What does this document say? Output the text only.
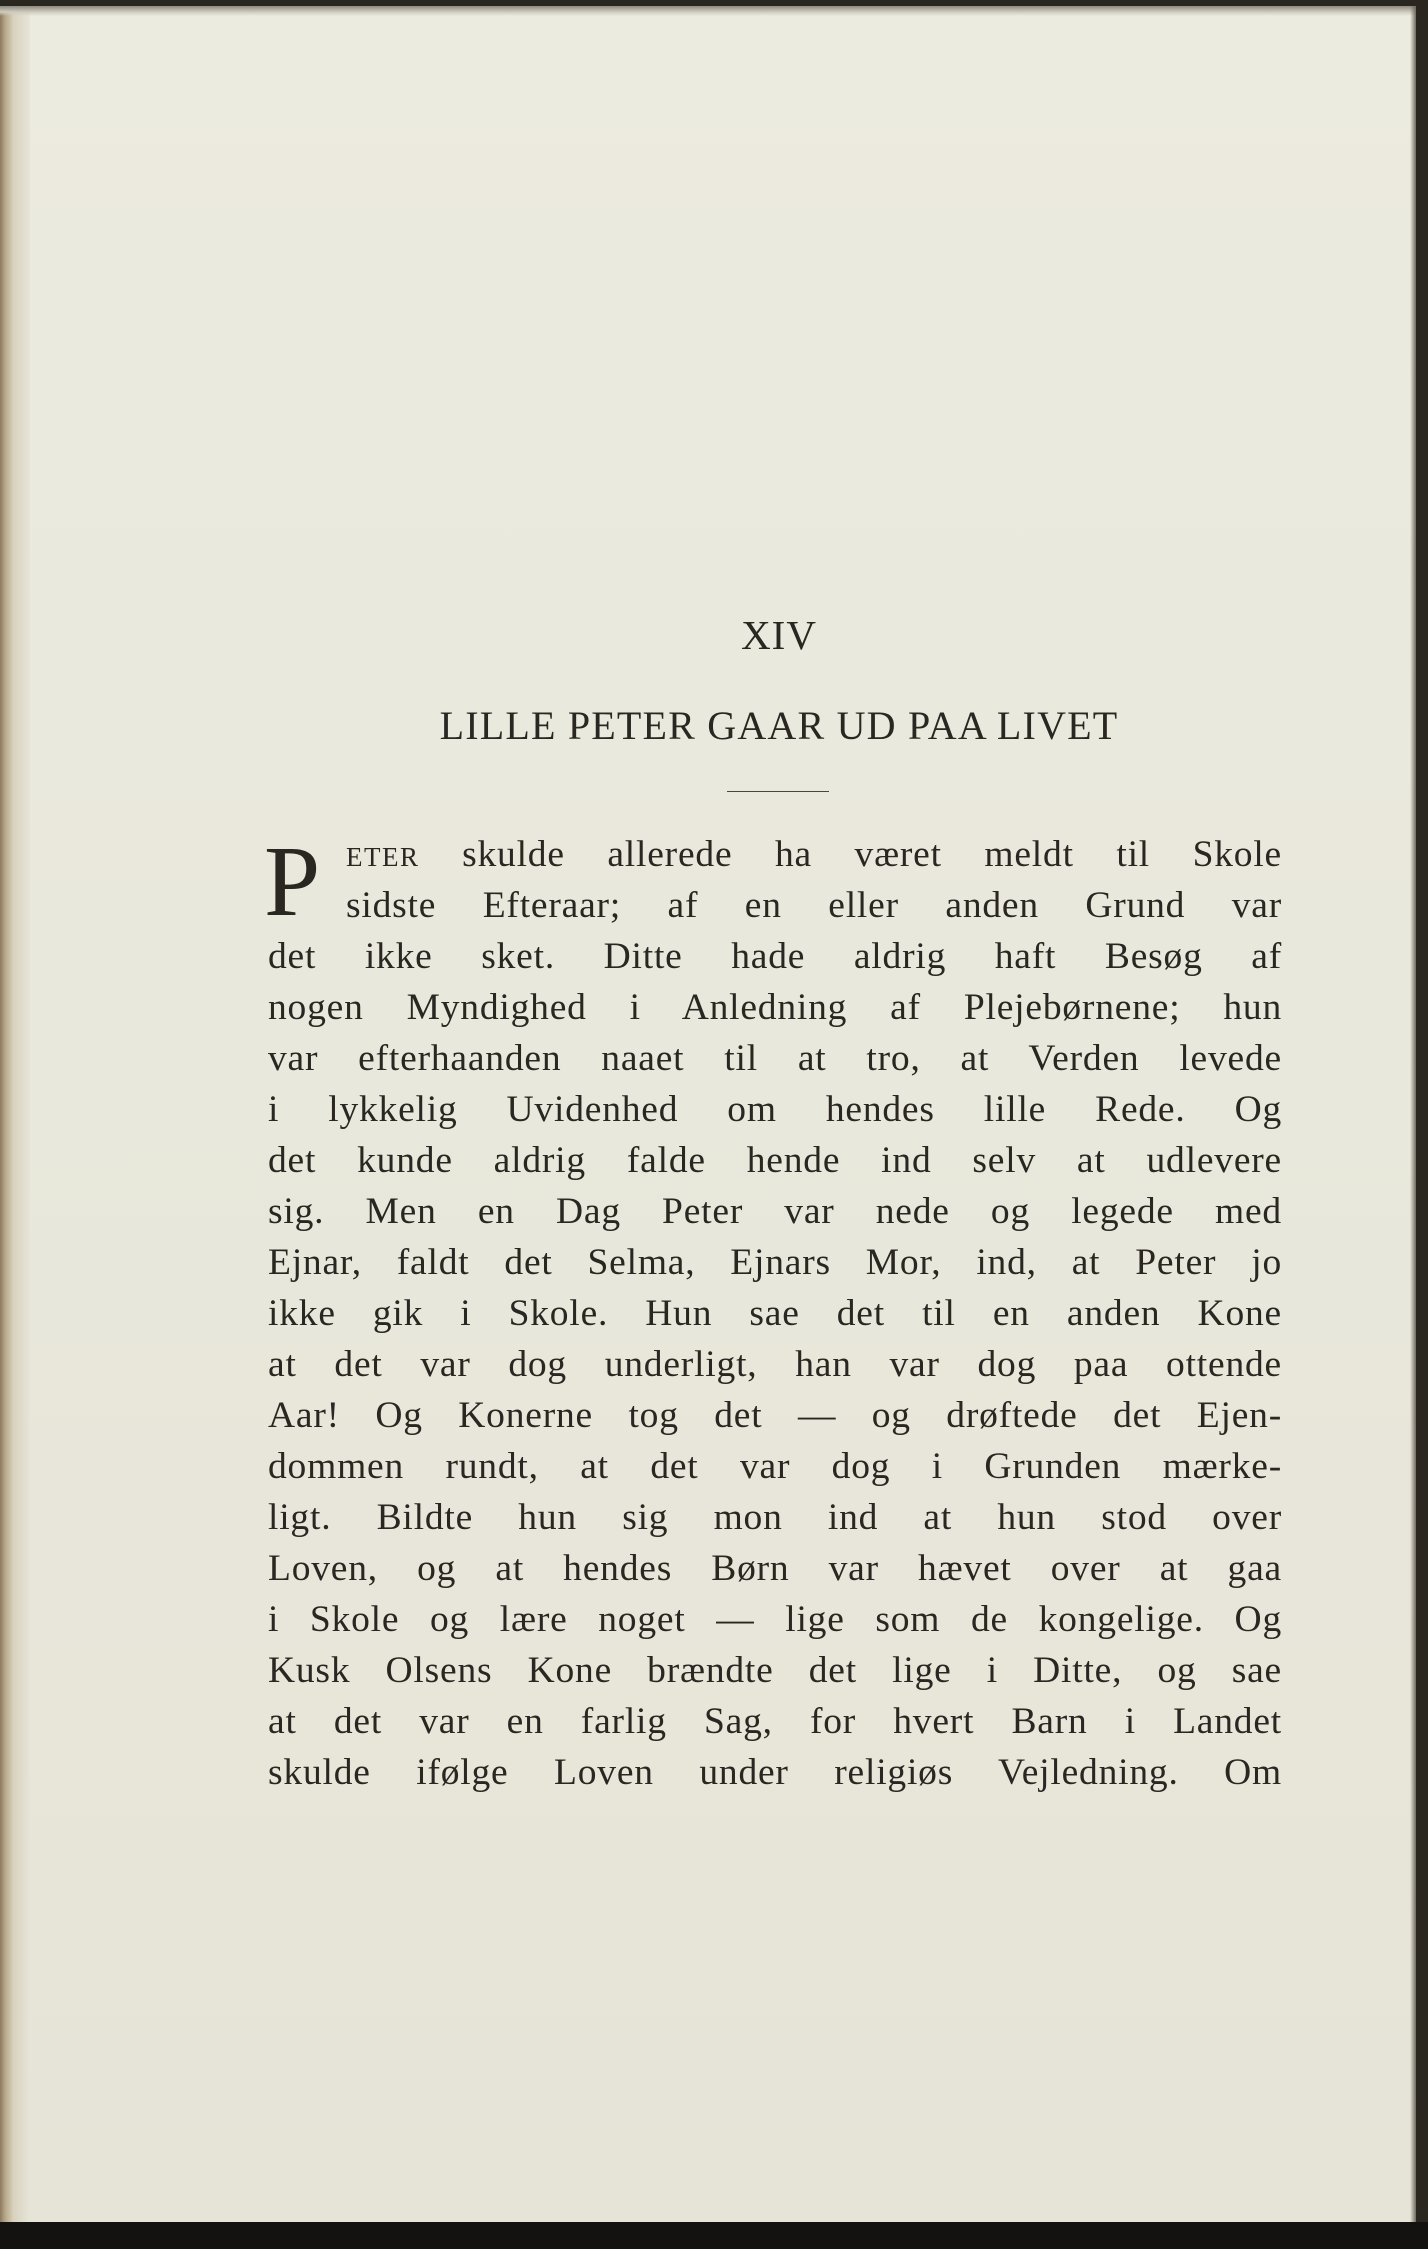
XIV
LILLE PETER GAAR UD PAA LIVET
P ETER skulde allerede ha været meldt til Skole
sidste Efteraar; af en eller anden Grund var
det ikke sket. Ditte hade aldrig haft Besøg af
nogen Myndighed i Anledning af Plejebørnene; hun
var efterhaanden naaet til at tro, at Verden levede
i lykkelig Uvidenhed om hendes lille Rede. Og
det kunde aldrig falde hende ind selv at udlevere
sig. Men en Dag Peter var nede og legede med
Ejnar, faldt det Selma, Ejnars Mor, ind, at Peter jo
ikke gik i Skole. Hun sae det til en anden Kone
at det var dog underligt, han var dog paa ottende
Aar! Og Konerne tog det — og drøftede det Ejen-
dommen rundt, at det var dog i Grunden mærke-
ligt. Bildte hun sig mon ind at hun stod over
Loven, og at hendes Børn var hævet over at gaa
i Skole og lære noget — lige som de kongelige. Og
Kusk Olsens Kone brændte det lige i Ditte, og sae
at det var en farlig Sag, for hvert Barn i Landet
skulde ifølge Loven under religiøs Vejledning. Om
